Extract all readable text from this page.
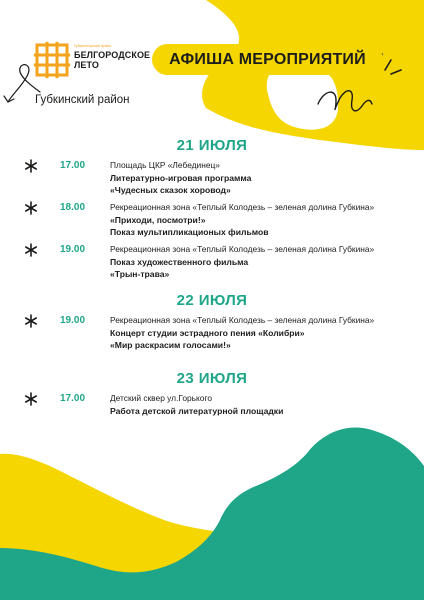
Губернаторский проект
БЕЛГОРОДСКОЕ
ЛЕТО	АФИША МЕРОПРИЯТИЙ
Губкинский район
21 ИЮЛЯ
17.00	Площадь ЦКР «Лебединец»
Литературно-игровая программа
«Чудесных сказок хоровод»
18.00	Рекреационная зона «Теплый Колодезь – зеленая долина Губкина»
«Приходи, посмотри!»
Показ мультипликационых фильмов
19.00	Рекреационная зона «Теплый Колодезь – зеленая долина Губкина»
Показ художественного фильма
«Трын-трава»
22 ИЮЛЯ
19.00	Рекреационная зона «Теплый Колодезь – зеленая долина Губкина»
Концерт студии эстрадного пения «Колибри»
«Мир раскрасим голосами!»
23 ИЮЛЯ
17.00	Детский сквер ул.Горького
Работа детской литературной площадки
